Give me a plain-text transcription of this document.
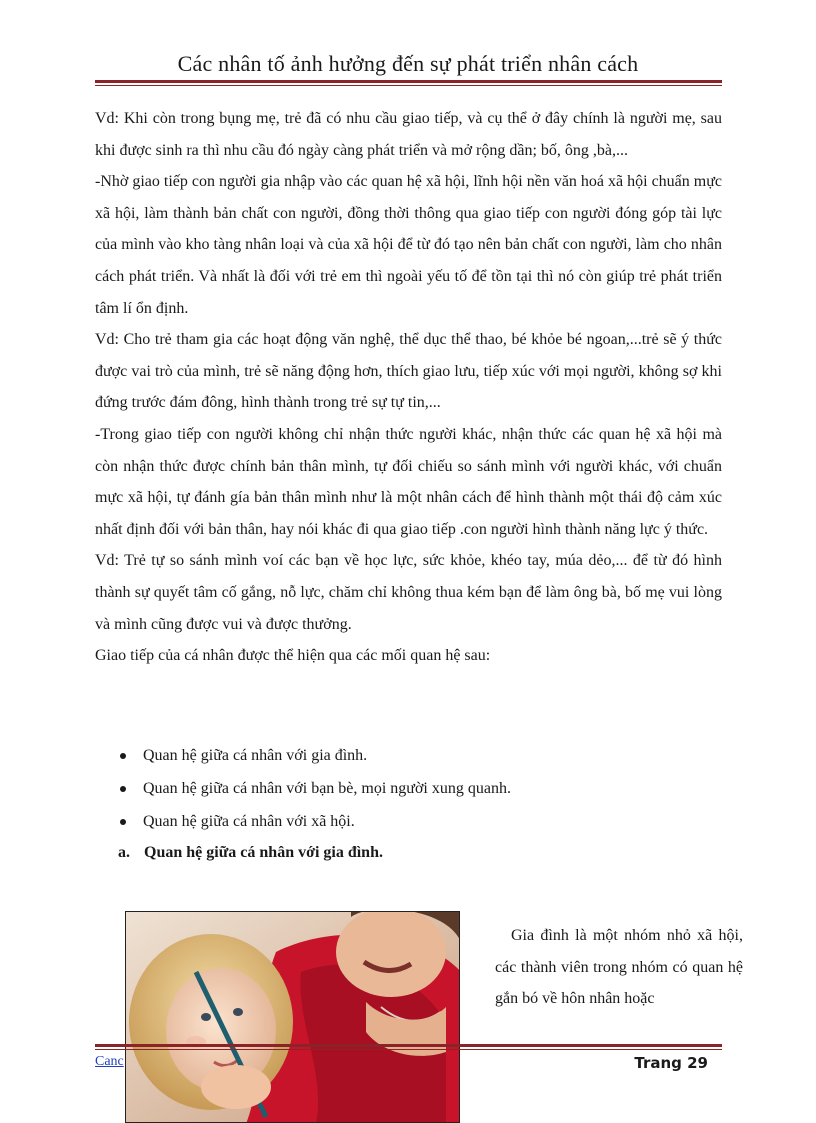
Các nhân tố ảnh hưởng đến sự phát triển nhân cách

Vd: Khi còn trong bụng mẹ, trẻ đã có nhu cầu giao tiếp, và cụ thể ở đây chính là người mẹ, sau khi được sinh ra thì nhu cầu đó ngày càng phát triển và mở rộng dần; bố, ông ,bà,...

-Nhờ giao tiếp con người gia nhập vào các quan hệ xã hội, lĩnh hội nền văn hoá xã hội chuẩn mực xã hội, làm thành bản chất con người, đồng thời thông qua giao tiếp con người đóng góp tài lực của mình vào kho tàng nhân loại và của xã hội để từ đó tạo nên bản chất con người, làm cho nhân cách phát triển. Và nhất là đối với trẻ em thì ngoài yếu tố để tồn tại thì nó còn giúp trẻ phát triển tâm lí ổn định.

Vd: Cho trẻ tham gia các hoạt động văn nghệ, thể dục thể thao, bé khỏe bé ngoan,...trẻ sẽ ý thức được vai trò của mình, trẻ sẽ năng động hơn, thích giao lưu, tiếp xúc với mọi người, không sợ khi đứng trước đám đông, hình thành trong trẻ sự tự tin,...

-Trong giao tiếp con người không chỉ nhận thức người khác, nhận thức các quan hệ xã hội mà còn nhận thức được chính bản thân mình, tự đối chiếu so sánh mình với người khác, với chuẩn mực xã hội, tự đánh gía bản thân mình như là một nhân cách để hình thành một thái độ cảm xúc nhất định đối với bản thân, hay nói khác đi qua giao tiếp .con người hình thành năng lực ý thức.

Vd: Trẻ tự so sánh mình voí các bạn về học lực, sức khỏe, khéo tay, múa dẻo,... để từ đó hình thành sự quyết tâm cố gắng, nỗ lực, chăm chỉ không thua kém bạn để làm ông bà, bố mẹ vui lòng và mình cũng được vui và được thưởng.

Giao tiếp của cá nhân được thể hiện qua các mối quan hệ sau:

Quan hệ giữa cá nhân với gia đình.
Quan hệ giữa cá nhân với bạn bè, mọi người xung quanh.
Quan hệ giữa cá nhân với xã hội.
a. Quan hệ giữa cá nhân với gia đình.
Gia đình là một nhóm nhỏ xã hội, các thành viên trong nhóm có quan hệ gắn bó về hôn nhân hoặc
Canc	Trang 29
